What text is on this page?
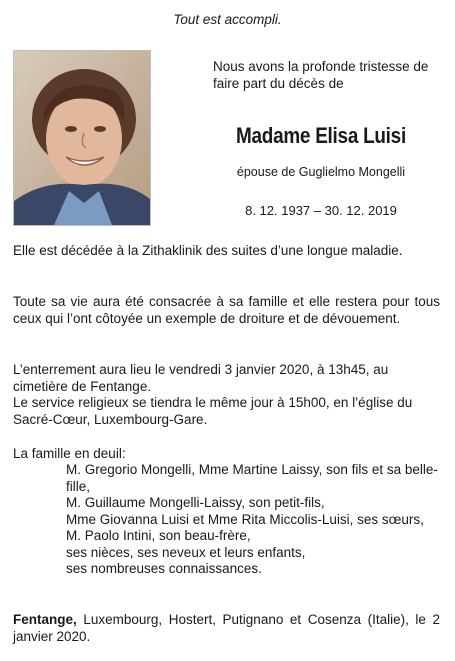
Tout est accompli.
Nous avons la profonde tristesse de faire part du décès de
Madame Elisa Luisi
épouse de Guglielmo Mongelli
8. 12. 1937 – 30. 12. 2019
Elle est décédée à la Zithaklinik des suites d’une longue maladie.
Toute sa vie aura été consacrée à sa famille et elle restera pour tous ceux qui l’ont côtoyée un exemple de droiture et de dévouement.
L’enterrement aura lieu le vendredi 3 janvier 2020, à 13h45, au cimetière de Fentange.
Le service religieux se tiendra le même jour à 15h00, en l’église du Sacré-Cœur, Luxembourg-Gare.
La famille en deuil:
M. Gregorio Mongelli, Mme Martine Laissy, son fils et sa belle-fille,
M. Guillaume Mongelli-Laissy, son petit-fils,
Mme Giovanna Luisi et Mme Rita Miccolis-Luisi, ses sœurs,
M. Paolo Intini, son beau-frère,
ses nièces, ses neveux et leurs enfants,
ses nombreuses connaissances.
Fentange, Luxembourg, Hostert, Putignano et Cosenza (Italie), le 2 janvier 2020.
